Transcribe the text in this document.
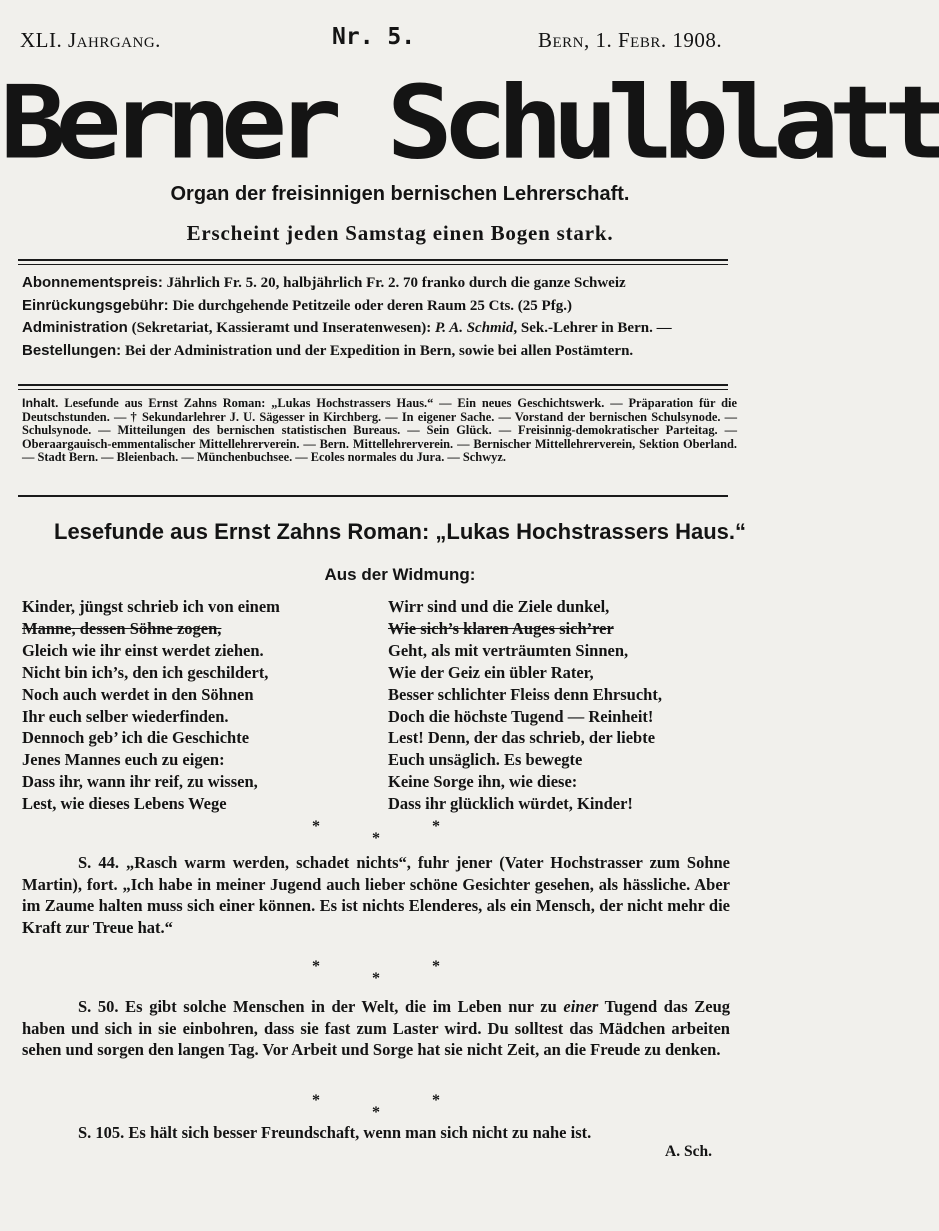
XLI. Jahrgang.	Nr. 5.	Bern, 1. Febr. 1908.
Berner Schulblatt
Organ der freisinnigen bernischen Lehrerschaft.
Erscheint jeden Samstag einen Bogen stark.
Abonnementspreis: Jährlich Fr. 5. 20, halbjährlich Fr. 2. 70 franko durch die ganze Schweiz
Einrückungsgebühr: Die durchgehende Petitzeile oder deren Raum 25 Cts. (25 Pfg.)
Administration (Sekretariat, Kassieramt und Inseratenwesen): P. A. Schmid, Sek.-Lehrer in Bern. — Bestellungen: Bei der Administration und der Expedition in Bern, sowie bei allen Postämtern.
Inhalt. Lesefunde aus Ernst Zahns Roman: „Lukas Hochstrassers Haus.“ — Ein neues Geschichtswerk. — Präparation für die Deutschstunden. — † Sekundarlehrer J. U. Sägesser in Kirchberg. — In eigener Sache. — Vorstand der bernischen Schulsynode. — Schulsynode. — Mitteilungen des bernischen statistischen Bureaus. — Sein Glück. — Freisinnig-demokratischer Parteitag. — Oberaargauisch-emmentalischer Mittellehrerverein. — Bern. Mittellehrerverein. — Bernischer Mittellehrerverein, Sektion Oberland. — Stadt Bern. — Bleienbach. — Münchenbuchsee. — Ecoles normales du Jura. — Schwyz.
Lesefunde aus Ernst Zahns Roman: „Lukas Hochstrassers Haus.“
Aus der Widmung:
Kinder, jüngst schrieb ich von einem
Manne, dessen Söhne zogen,
Gleich wie ihr einst werdet ziehen.
Nicht bin ich’s, den ich geschildert,
Noch auch werdet in den Söhnen
Ihr euch selber wiederfinden.
Dennoch geb’ ich die Geschichte
Jenes Mannes euch zu eigen:
Dass ihr, wann ihr reif, zu wissen,
Lest, wie dieses Lebens Wege
Wirr sind und die Ziele dunkel,
Wie sich’s klaren Auges sich’rer
Geht, als mit verträumten Sinnen,
Wie der Geiz ein übler Rater,
Besser schlichter Fleiss denn Ehrsucht,
Doch die höchste Tugend — Reinheit!
Lest! Denn, der das schrieb, der liebte
Euch unsäglich. Es bewegte
Keine Sorge ihn, wie diese:
Dass ihr glücklich würdet, Kinder!
*	*
*
S. 44. „Rasch warm werden, schadet nichts“, fuhr jener (Vater Hochstrasser zum Sohne Martin), fort. „Ich habe in meiner Jugend auch lieber schöne Gesichter gesehen, als hässliche. Aber im Zaume halten muss sich einer können. Es ist nichts Elenderes, als ein Mensch, der nicht mehr die Kraft zur Treue hat.“
*	*
*
S. 50. Es gibt solche Menschen in der Welt, die im Leben nur zu einer Tugend das Zeug haben und sich in sie einbohren, dass sie fast zum Laster wird. Du solltest das Mädchen arbeiten sehen und sorgen den langen Tag. Vor Arbeit und Sorge hat sie nicht Zeit, an die Freude zu denken.
*	*
*
S. 105. Es hält sich besser Freundschaft, wenn man sich nicht zu nahe ist.
A. Sch.
